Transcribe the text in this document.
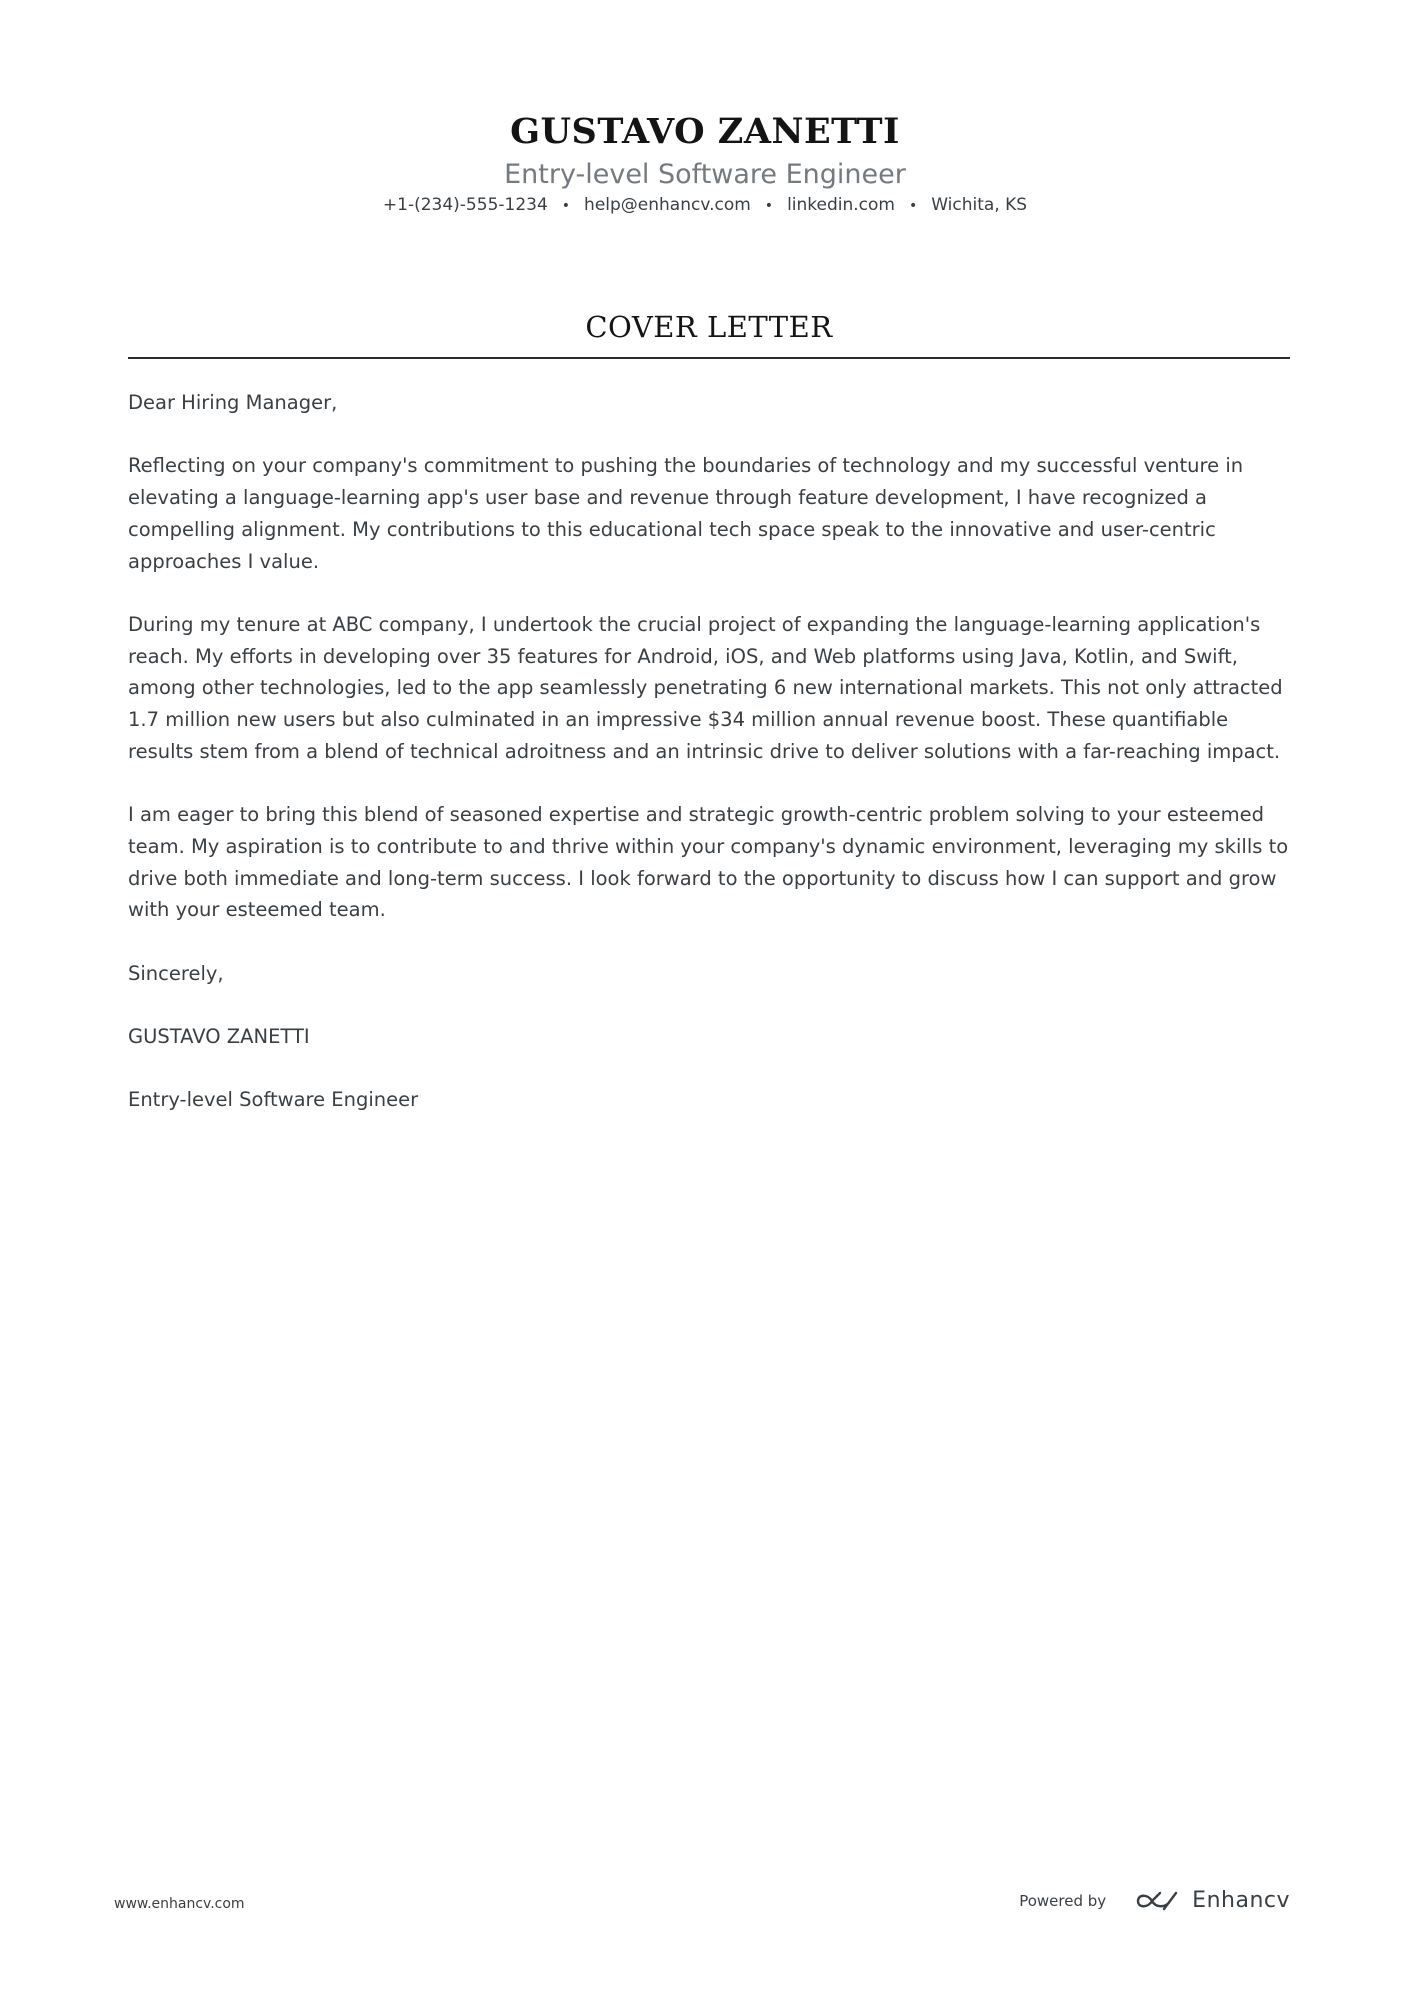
GUSTAVO ZANETTI
Entry-level Software Engineer
+1-(234)-555-1234 • help@enhancv.com • linkedin.com • Wichita, KS
COVER LETTER

Dear Hiring Manager,

Reflecting on your company's commitment to pushing the boundaries of technology and my successful venture in elevating a language-learning app's user base and revenue through feature development, I have recognized a compelling alignment. My contributions to this educational tech space speak to the innovative and user-centric approaches I value.

During my tenure at ABC company, I undertook the crucial project of expanding the language-learning application's reach. My efforts in developing over 35 features for Android, iOS, and Web platforms using Java, Kotlin, and Swift, among other technologies, led to the app seamlessly penetrating 6 new international markets. This not only attracted 1.7 million new users but also culminated in an impressive $34 million annual revenue boost. These quantifiable results stem from a blend of technical adroitness and an intrinsic drive to deliver solutions with a far-reaching impact.

I am eager to bring this blend of seasoned expertise and strategic growth-centric problem solving to your esteemed team. My aspiration is to contribute to and thrive within your company's dynamic environment, leveraging my skills to drive both immediate and long-term success. I look forward to the opportunity to discuss how I can support and grow with your esteemed team.

Sincerely,

GUSTAVO ZANETTI

Entry-level Software Engineer

www.enhancv.com	Powered by	Enhancv
